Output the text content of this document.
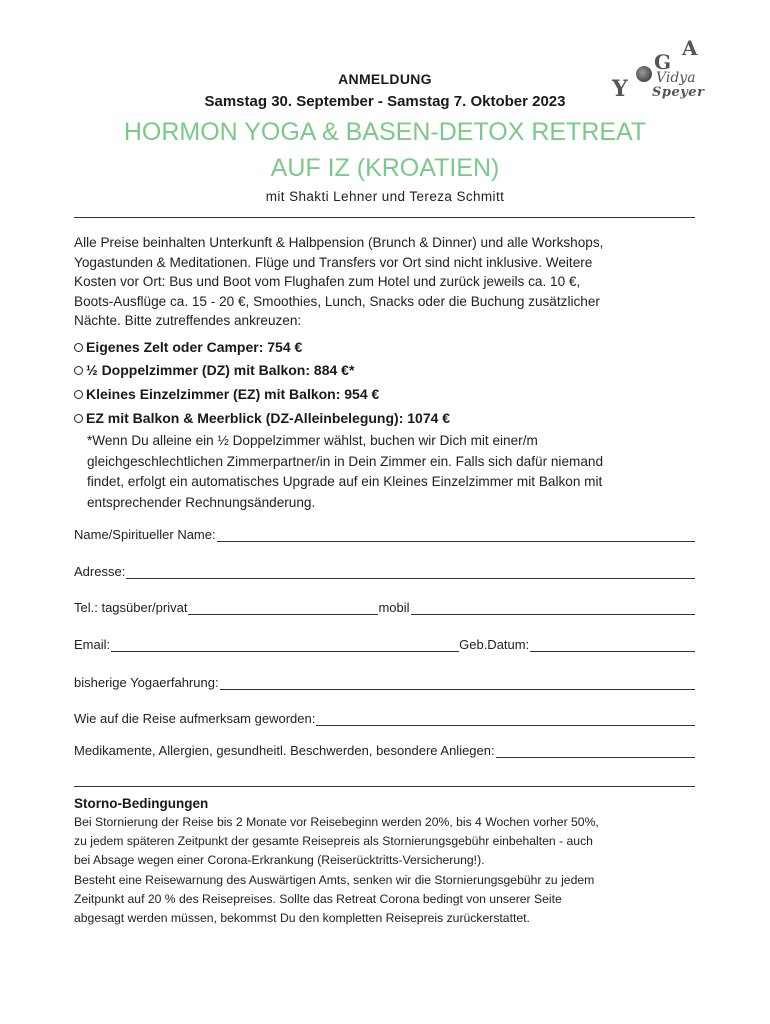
A
G
Y Vidya
Speyer
ANMELDUNG
Samstag 30. September - Samstag 7. Oktober 2023
HORMON YOGA & BASEN-DETOX RETREAT
AUF IZ (KROATIEN)
mit Shakti Lehner und Tereza Schmitt

Alle Preise beinhalten Unterkunft & Halbpension (Brunch & Dinner) und alle Workshops,

Yogastunden & Meditationen. Flüge und Transfers vor Ort sind nicht inklusive. Weitere

Kosten vor Ort: Bus und Boot vom Flughafen zum Hotel und zurück jeweils ca. 10 €,

Boots-Ausflüge ca. 15 - 20 €, Smoothies, Lunch, Snacks oder die Buchung zusätzlicher

Nächte. Bitte zutreffendes ankreuzen:

Eigenes Zelt oder Camper: 754 €
½ Doppelzimmer (DZ) mit Balkon: 884 €*
Kleines Einzelzimmer (EZ) mit Balkon: 954 €
EZ mit Balkon & Meerblick (DZ-Alleinbelegung): 1074 €

*Wenn Du alleine ein ½ Doppelzimmer wählst, buchen wir Dich mit einer/m

gleichgeschlechtlichen Zimmerpartner/in in Dein Zimmer ein. Falls sich dafür niemand

findet, erfolgt ein automatisches Upgrade auf ein Kleines Einzelzimmer mit Balkon mit

entsprechender Rechnungsänderung.

Name/Spiritueller Name:
Adresse:
Tel.: tagsüber/privat	mobil
Email:	Geb.Datum:
bisherige Yogaerfahrung:
Wie auf die Reise aufmerksam geworden:
Medikamente, Allergien, gesundheitl. Beschwerden, besondere Anliegen:
Storno-Bedingungen

Bei Stornierung der Reise bis 2 Monate vor Reisebeginn werden 20%, bis 4 Wochen vorher 50%,

zu jedem späteren Zeitpunkt der gesamte Reisepreis als Stornierungsgebühr einbehalten - auch

bei Absage wegen einer Corona-Erkrankung (Reiserücktritts-Versicherung!).

Besteht eine Reisewarnung des Auswärtigen Amts, senken wir die Stornierungsgebühr zu jedem

Zeitpunkt auf 20 % des Reisepreises. Sollte das Retreat Corona bedingt von unserer Seite

abgesagt werden müssen, bekommst Du den kompletten Reisepreis zurückerstattet.
